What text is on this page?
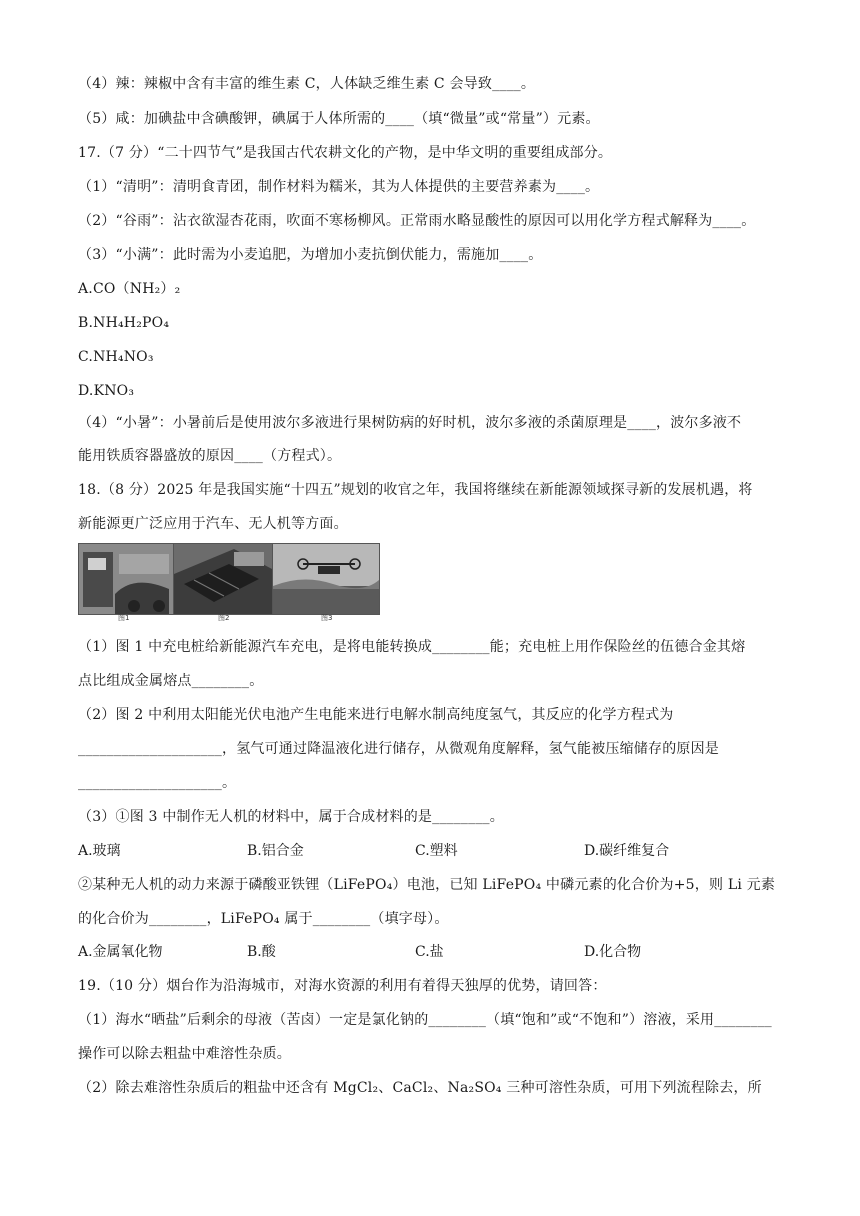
（4）辣：辣椒中含有丰富的维生素 C，人体缺乏维生素 C 会导致____。
（5）咸：加碘盐中含碘酸钾，碘属于人体所需的____（填“微量”或“常量”）元素。
17.（7 分）“二十四节气”是我国古代农耕文化的产物，是中华文明的重要组成部分。
（1）“清明”：清明食青团，制作材料为糯米，其为人体提供的主要营养素为____。
（2）“谷雨”：沾衣欲湿杏花雨，吹面不寒杨柳风。正常雨水略显酸性的原因可以用化学方程式解释为____。
（3）“小满”：此时需为小麦追肥，为增加小麦抗倒伏能力，需施加____。
A.CO（NH₂）₂
B.NH₄H₂PO₄
C.NH₄NO₃
D.KNO₃
（4）“小暑”：小暑前后是使用波尔多液进行果树防病的好时机，波尔多液的杀菌原理是____，波尔多液不
能用铁质容器盛放的原因____（方程式）。
18.（8 分）2025 年是我国实施“十四五”规划的收官之年，我国将继续在新能源领域探寻新的发展机遇，将
新能源更广泛应用于汽车、无人机等方面。
图1	图2	图3
（1）图 1 中充电桩给新能源汽车充电，是将电能转换成________能；充电桩上用作保险丝的伍德合金其熔
点比组成金属熔点________。
（2）图 2 中利用太阳能光伏电池产生电能来进行电解水制高纯度氢气，其反应的化学方程式为
____________________，氢气可通过降温液化进行储存，从微观角度解释，氢气能被压缩储存的原因是
____________________。
（3）①图 3 中制作无人机的材料中，属于合成材料的是________。
A.玻璃	B.铝合金	C.塑料	D.碳纤维复合
②某种无人机的动力来源于磷酸亚铁锂（LiFePO₄）电池，已知 LiFePO₄ 中磷元素的化合价为+5，则 Li 元素
的化合价为________，LiFePO₄ 属于________（填字母）。
A.金属氧化物	B.酸	C.盐	D.化合物
19.（10 分）烟台作为沿海城市，对海水资源的利用有着得天独厚的优势，请回答：
（1）海水“晒盐”后剩余的母液（苦卤）一定是氯化钠的________（填“饱和”或“不饱和”）溶液，采用________
操作可以除去粗盐中难溶性杂质。
（2）除去难溶性杂质后的粗盐中还含有 MgCl₂、CaCl₂、Na₂SO₄ 三种可溶性杂质，可用下列流程除去，所
